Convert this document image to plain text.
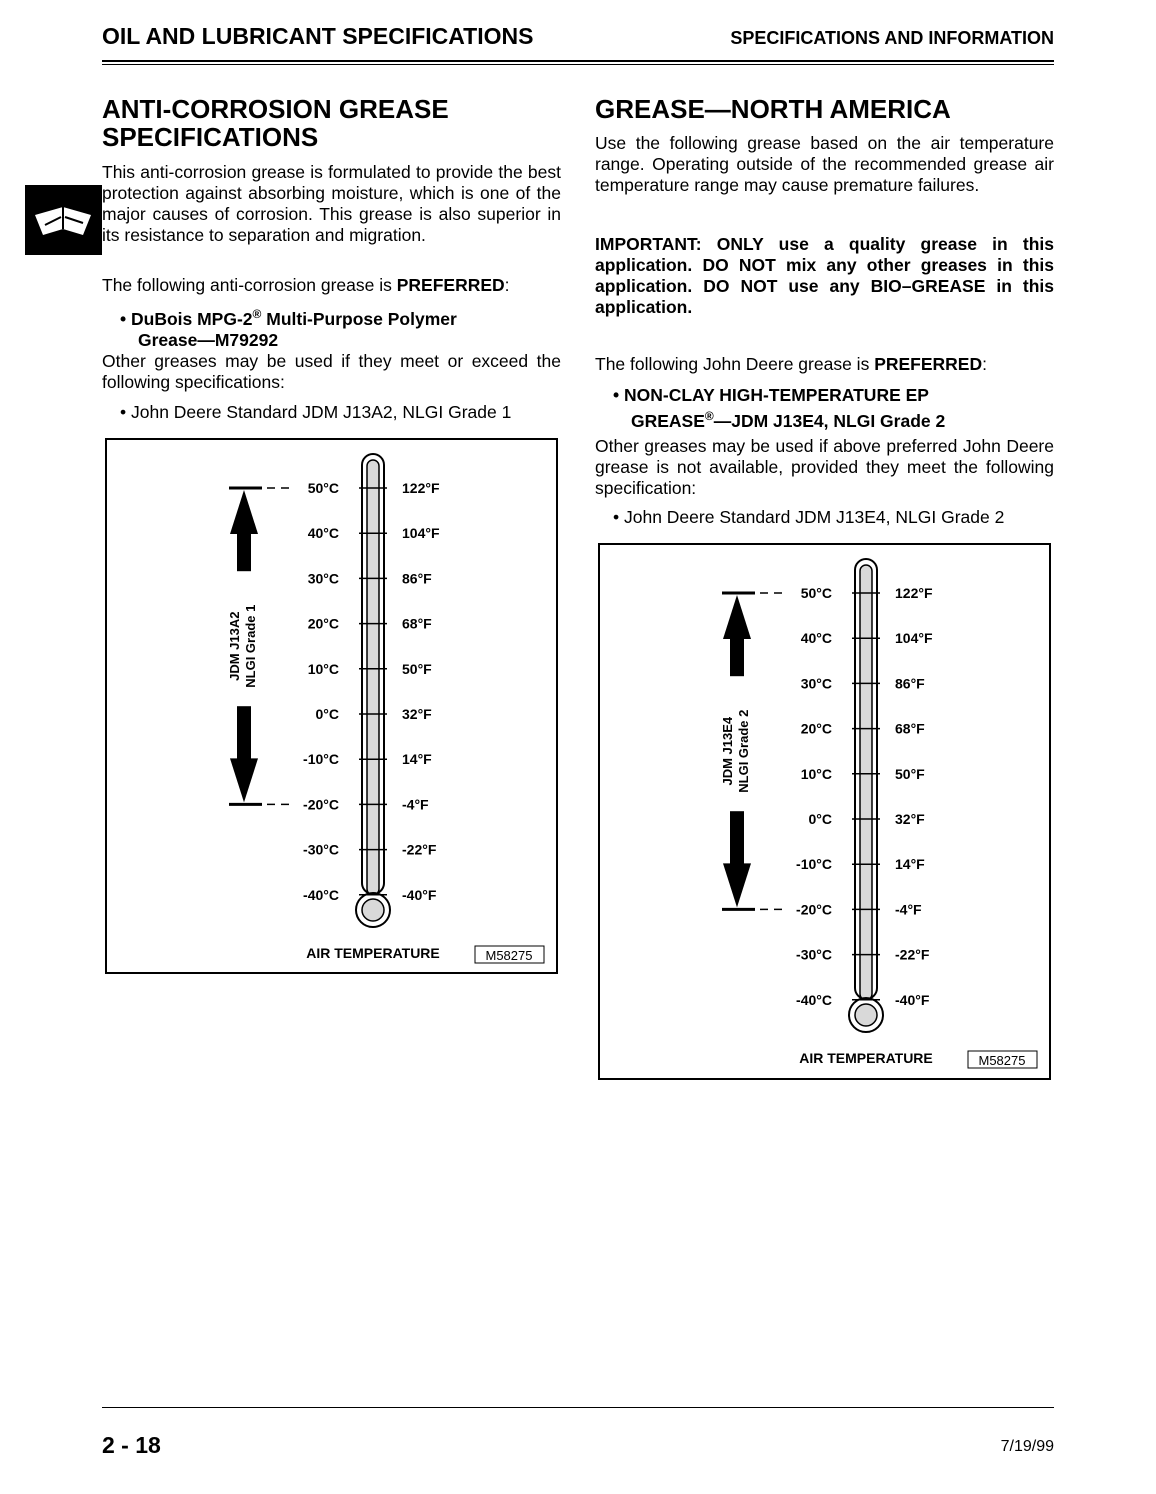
OIL AND LUBRICANT SPECIFICATIONS	SPECIFICATIONS AND INFORMATION
ANTI-CORROSION GREASE SPECIFICATIONS

This anti-corrosion grease is formulated to provide the best protection against absorbing moisture, which is one of the major causes of corrosion. This grease is also superior in its resistance to separation and migration.

The following anti-corrosion grease is PREFERRED:

• DuBois MPG-2® Multi-Purpose Polymer
Grease—M79292

Other greases may be used if they meet or exceed the following specifications:

• John Deere Standard JDM J13A2, NLGI Grade 1
50°C	122°F
40°C	104°F
30°C	86°F
20°C	68°F
10°C	50°F
0°C	32°F
-10°C	14°F
-20°C	-4°F
-30°C	-22°F
-40°C	-40°F
JDM J13A2 NLGI Grade 1
AIR TEMPERATURE	M58275
GREASE—NORTH AMERICA

Use the following grease based on the air temperature range. Operating outside of the recommended grease air temperature range may cause premature failures.

IMPORTANT: ONLY use a quality grease in this application. DO NOT mix any other greases in this application. DO NOT use any BIO–GREASE in this application.

The following John Deere grease is PREFERRED:

• NON-CLAY HIGH-TEMPERATURE EP
GREASE®—JDM J13E4, NLGI Grade 2

Other greases may be used if above preferred John Deere grease is not available, provided they meet the following specification:

• John Deere Standard JDM J13E4, NLGI Grade 2
50°C	122°F
40°C	104°F
30°C	86°F
20°C	68°F
10°C	50°F
0°C	32°F
-10°C	14°F
-20°C	-4°F
-30°C	-22°F
-40°C	-40°F
JDM J13E4 NLGI Grade 2
AIR TEMPERATURE	M58275
2 - 18	7/19/99
